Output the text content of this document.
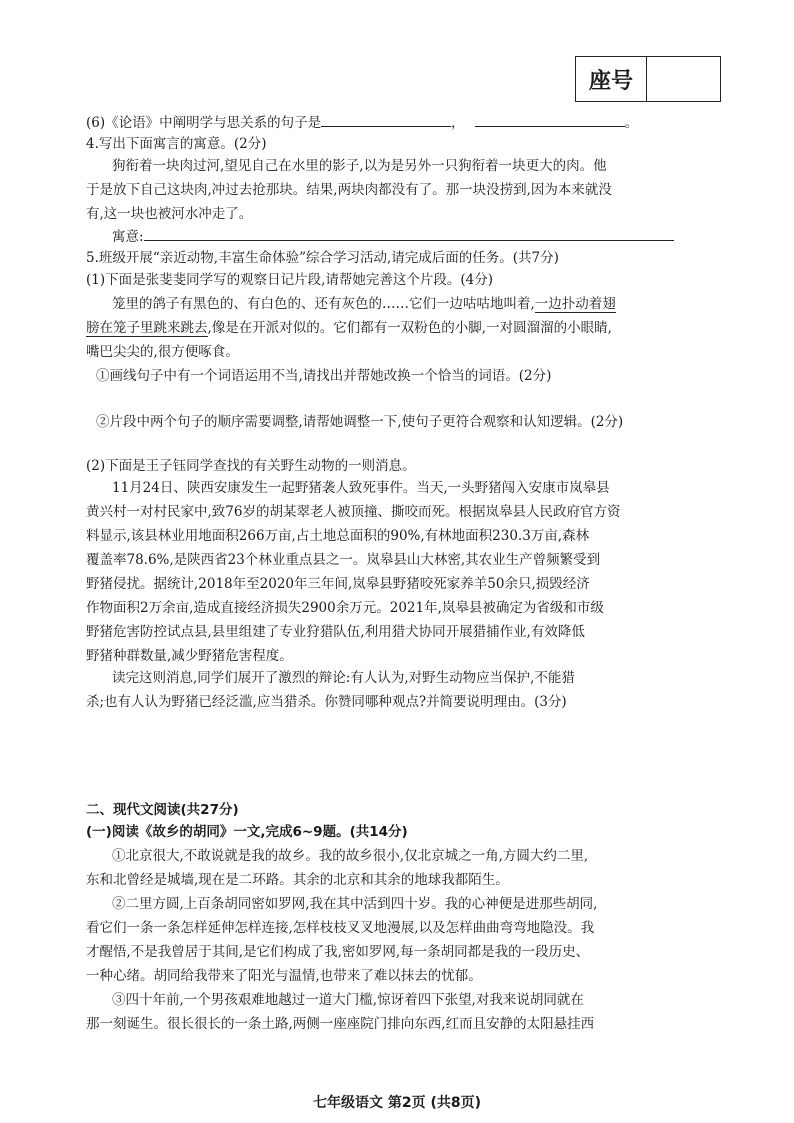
座号
(6)《论语》中阐明学与思关系的句子是	，	。
4.写出下面寓言的寓意。(2分)
狗衔着一块肉过河,望见自己在水里的影子,以为是另外一只狗衔着一块更大的肉。他
于是放下自己这块肉,冲过去抢那块。结果,两块肉都没有了。那一块没捞到,因为本来就没
有,这一块也被河水冲走了。
寓意:
5.班级开展“亲近动物,丰富生命体验”综合学习活动,请完成后面的任务。(共7分)
(1)下面是张斐斐同学写的观察日记片段,请帮她完善这个片段。(4分)
笼里的鸽子有黑色的、有白色的、还有灰色的……它们一边咕咕地叫着,一边扑动着翅
膀在笼子里跳来跳去,像是在开派对似的。它们都有一双粉色的小脚,一对圆溜溜的小眼睛,
嘴巴尖尖的,很方便啄食。
①画线句子中有一个词语运用不当,请找出并帮她改换一个恰当的词语。(2分)
②片段中两个句子的顺序需要调整,请帮她调整一下,使句子更符合观察和认知逻辑。(2分)
(2)下面是王子钰同学查找的有关野生动物的一则消息。
11月24日、陕西安康发生一起野猪袭人致死事件。当天,一头野猪闯入安康市岚皋县
黄兴村一对村民家中,致76岁的胡某翠老人被顶撞、撕咬而死。根据岚皋县人民政府官方资
料显示,该县林业用地面积266万亩,占土地总面积的90%,有林地面积230.3万亩,森林
覆盖率78.6%,是陕西省23个林业重点县之一。岚皋县山大林密,其农业生产曾频繁受到
野猪侵扰。据统计,2018年至2020年三年间,岚皋县野猪咬死家养羊50余只,损毁经济
作物面积2万余亩,造成直接经济损失2900余万元。2021年,岚皋县被确定为省级和市级
野猪危害防控试点县,县里组建了专业狩猎队伍,利用猎犬协同开展猎捕作业,有效降低
野猪种群数量,减少野猪危害程度。
读完这则消息,同学们展开了激烈的辩论:有人认为,对野生动物应当保护,不能猎
杀;也有人认为野猪已经泛滥,应当猎杀。你赞同哪种观点?并简要说明理由。(3分)
二、现代文阅读(共27分)
(一)阅读《故乡的胡同》一文,完成6~9题。(共14分)
①北京很大,不敢说就是我的故乡。我的故乡很小,仅北京城之一角,方圆大约二里,
东和北曾经是城墙,现在是二环路。其余的北京和其余的地球我都陌生。
②二里方圆,上百条胡同密如罗网,我在其中活到四十岁。我的心神便是进那些胡同,
看它们一条一条怎样延伸怎样连接,怎样枝枝叉叉地漫展,以及怎样曲曲弯弯地隐没。我
才醒悟,不是我曾居于其间,是它们构成了我,密如罗网,每一条胡同都是我的一段历史、
一种心绪。胡同给我带来了阳光与温情,也带来了难以抹去的忧郁。
③四十年前,一个男孩艰难地越过一道大门槛,惊讶着四下张望,对我来说胡同就在
那一刻诞生。很长很长的一条土路,两侧一座座院门排向东西,红而且安静的太阳悬挂西
七年级语文 第2页 (共8页)
